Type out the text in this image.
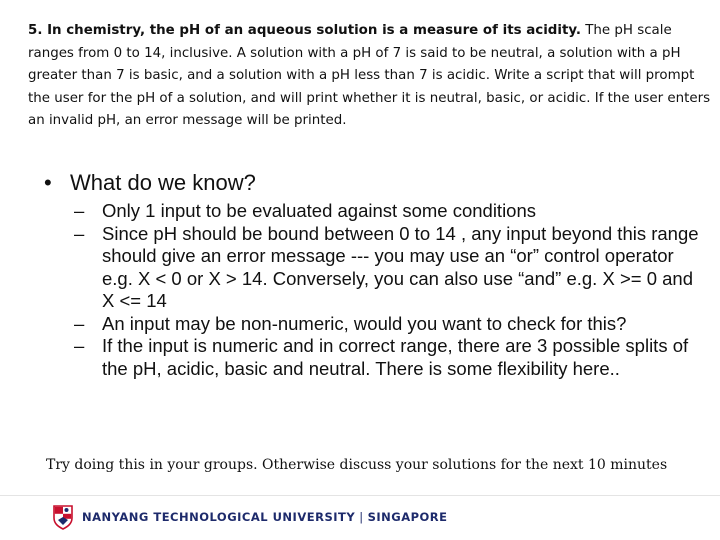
5. In chemistry, the pH of an aqueous solution is a measure of its acidity. The pH scale ranges from 0 to 14, inclusive. A solution with a pH of 7 is said to be neutral, a solution with a pH greater than 7 is basic, and a solution with a pH less than 7 is acidic. Write a script that will prompt the user for the pH of a solution, and will print whether it is neutral, basic, or acidic. If the user enters an invalid pH, an error message will be printed.
• What do we know?
– Only 1 input to be evaluated against some conditions
– Since pH should be bound between 0 to 14 , any input beyond this range should give an error message --- you may use an “or” control operator e.g. X < 0 or X > 14. Conversely, you can also use “and” e.g. X >= 0 and X <= 14
– An input may be non-numeric, would you want to check for this?
– If the input is numeric and in correct range, there are 3 possible splits of the pH, acidic, basic and neutral. There is some flexibility here..
Try doing this in your groups. Otherwise discuss your solutions for the next 10 minutes
NANYANG TECHNOLOGICAL UNIVERSITY | SINGAPORE
